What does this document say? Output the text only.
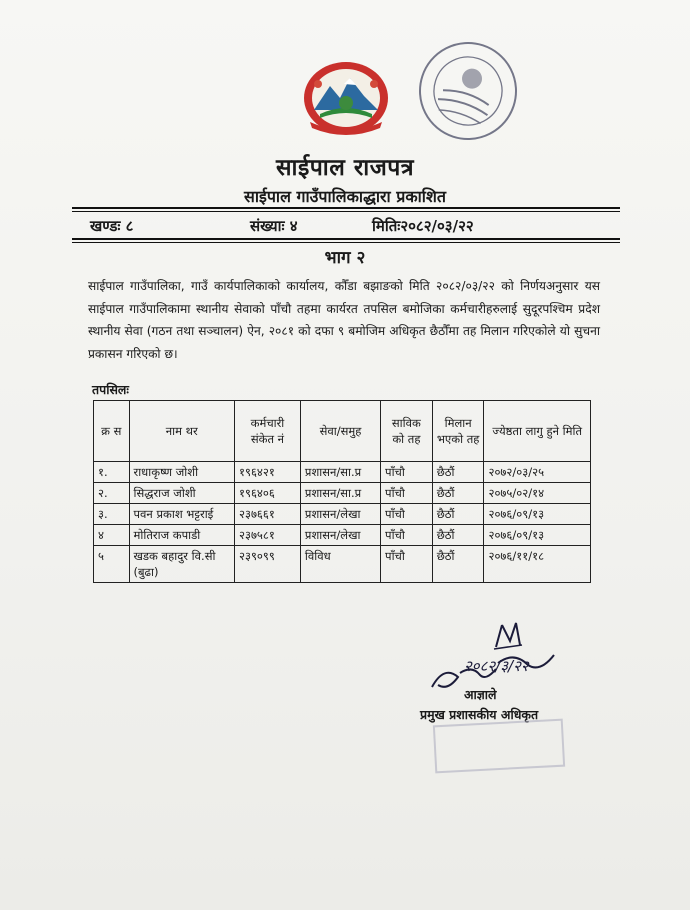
साईपाल राजपत्र
साईपाल गाउँपालिकाद्धारा प्रकाशित
खण्डः ८	संख्याः ४	मितिः२०८२/०३/२२
भाग २
साईपाल गाउँपालिका, गाउँ कार्यपालिकाको कार्यालय, कौँडा बझाङको मिति २०८२/०३/२२ को निर्णयअनुसार यस साईपाल गाउँपालिकामा स्थानीय सेवाको पाँचौ तहमा कार्यरत तपसिल बमोजिका कर्मचारीहरुलाई सुदूरपश्चिम प्रदेश स्थानीय सेवा (गठन तथा सञ्चालन) ऐन, २०८१ को दफा ९ बमोजिम अधिकृत छैठौँमा तह मिलान गरिएकोले यो सुचना प्रकासन गरिएको छ।
तपसिलः
क्र स	नाम थर	कर्मचारी संकेत नं	सेवा/समुह	साविक को तह	मिलान भएको तह	ज्येष्ठता लागु हुने मिति
१.	राधाकृष्ण जोशी	१९६४२१	प्रशासन/सा.प्र	पाँचौ	छैठौं	२०७२/०३/२५
२.	सिद्धराज जोशी	१९६४०६	प्रशासन/सा.प्र	पाँचौ	छैठौं	२०७५/०२/१४
३.	पवन प्रकाश भट्टराई	२३७६६१	प्रशासन/लेखा	पाँचौ	छैठौं	२०७६/०९/१३
४	मोतिराज कपाडी	२३७५८१	प्रशासन/लेखा	पाँचौ	छैठौं	२०७६/०९/१३
५	खडक बहादुर वि.सी (बुढा)	२३९०९९	विविध	पाँचौ	छैठौं	२०७६/११/१८
२०८२/३/२२
आज्ञाले
प्रमुख प्रशासकीय अधिकृत
